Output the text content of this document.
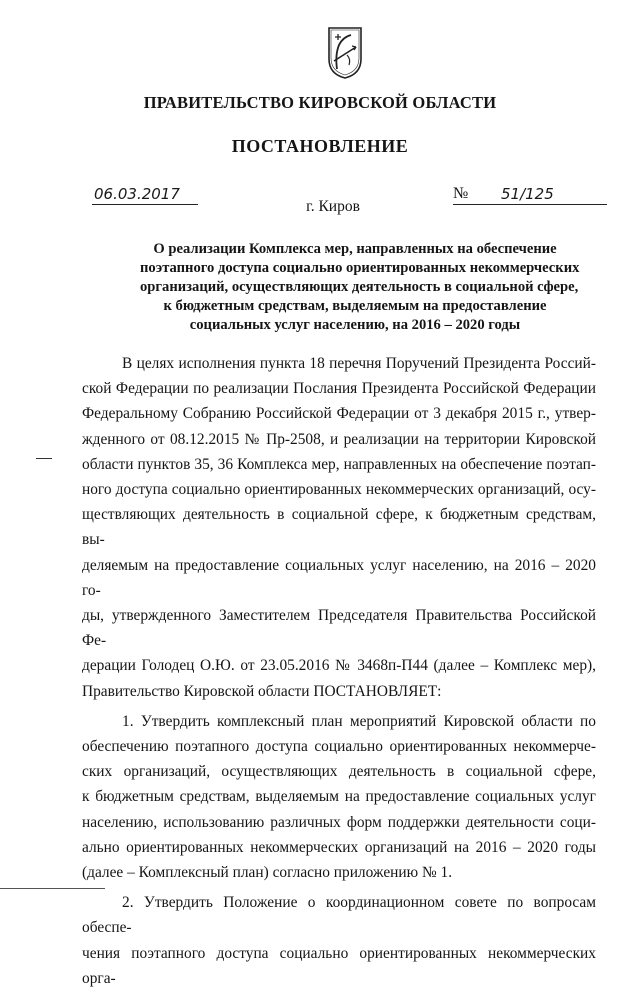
ПРАВИТЕЛЬСТВО КИРОВСКОЙ ОБЛАСТИ
ПОСТАНОВЛЕНИЕ
06.03.2017	№ 51/125
г. Киров
О реализации Комплекса мер, направленных на обеспечение
поэтапного доступа социально ориентированных некоммерческих
организаций, осуществляющих деятельность в социальной сфере,
к бюджетным средствам, выделяемым на предоставление
социальных услуг населению, на 2016 – 2020 годы

В целях исполнения пункта 18 перечня Поручений Президента Россий-
ской Федерации по реализации Послания Президента Российской Федерации
Федеральному Собранию Российской Федерации от 3 декабря 2015 г., утвер-
жденного от 08.12.2015 № Пр-2508, и реализации на территории Кировской
области пунктов 35, 36 Комплекса мер, направленных на обеспечение поэтап-
ного доступа социально ориентированных некоммерческих организаций, осу-
ществляющих деятельность в социальной сфере, к бюджетным средствам, вы-
деляемым на предоставление социальных услуг населению, на 2016 – 2020 го-
ды, утвержденного Заместителем Председателя Правительства Российской Фе-
дерации Голодец О.Ю. от 23.05.2016 № 3468п-П44 (далее – Комплекс мер),
Правительство Кировской области ПОСТАНОВЛЯЕТ:

1. Утвердить комплексный план мероприятий Кировской области по
обеспечению поэтапного доступа социально ориентированных некоммерче-
ских организаций, осуществляющих деятельность в социальной сфере,
к бюджетным средствам, выделяемым на предоставление социальных услуг
населению, использованию различных форм поддержки деятельности соци-
ально ориентированных некоммерческих организаций на 2016 – 2020 годы
(далее – Комплексный план) согласно приложению № 1.

2. Утвердить Положение о координационном совете по вопросам обеспе-
чения поэтапного доступа социально ориентированных некоммерческих орга-
